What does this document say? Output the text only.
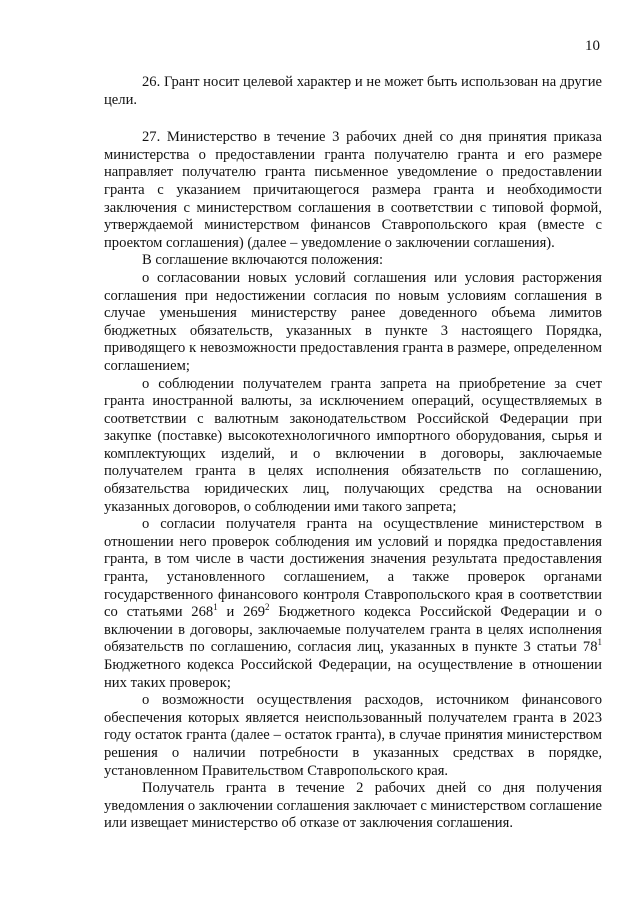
10

26. Грант носит целевой характер и не может быть использован на другие цели.

27. Министерство в течение 3 рабочих дней со дня принятия приказа министерства о предоставлении гранта получателю гранта и его размере направляет получателю гранта письменное уведомление о предоставлении гранта с указанием причитающегося размера гранта и необходимости заключения с министерством соглашения в соответствии с типовой формой, утверждаемой министерством финансов Ставропольского края (вместе с проектом соглашения) (далее – уведомление о заключении соглашения).

В соглашение включаются положения:

о согласовании новых условий соглашения или условия расторжения соглашения при недостижении согласия по новым условиям соглашения в случае уменьшения министерству ранее доведенного объема лимитов бюджетных обязательств, указанных в пункте 3 настоящего Порядка, приводящего к невозможности предоставления гранта в размере, определенном соглашением;

о соблюдении получателем гранта запрета на приобретение за счет гранта иностранной валюты, за исключением операций, осуществляемых в соответствии с валютным законодательством Российской Федерации при закупке (поставке) высокотехнологичного импортного оборудования, сырья и комплектующих изделий, и о включении в договоры, заключаемые получателем гранта в целях исполнения обязательств по соглашению, обязательства юридических лиц, получающих средства на основании указанных договоров, о соблюдении ими такого запрета;

о согласии получателя гранта на осуществление министерством в отношении него проверок соблюдения им условий и порядка предоставления гранта, в том числе в части достижения значения результата предоставления гранта, установленного соглашением, а также проверок органами государственного финансового контроля Ставропольского края в соответствии со статьями $268^1$ и $269^2$ Бюджетного кодекса Российской Федерации и о включении в договоры, заключаемые получателем гранта в целях исполнения обязательств по соглашению, согласия лиц, указанных в пункте 3 статьи $78^1$ Бюджетного кодекса Российской Федерации, на осуществление в отношении них таких проверок;

о возможности осуществления расходов, источником финансового обеспечения которых является неиспользованный получателем гранта в 2023 году остаток гранта (далее – остаток гранта), в случае принятия министерством решения о наличии потребности в указанных средствах в порядке, установленном Правительством Ставропольского края.

Получатель гранта в течение 2 рабочих дней со дня получения уведомления о заключении соглашения заключает с министерством соглашение или извещает министерство об отказе от заключения соглашения.
